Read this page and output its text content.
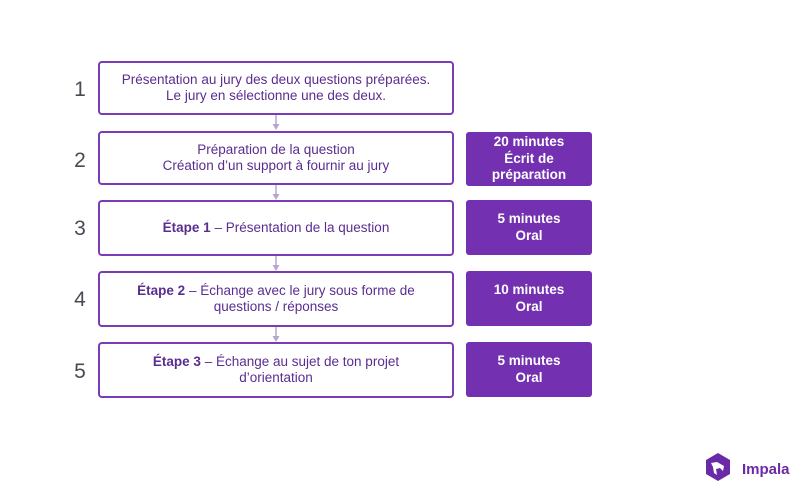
1	Présentation au jury des deux questions préparées.
Le jury en sélectionne une des deux.
2	Préparation de la question
Création d’un support à fournir au jury
20 minutes
Écrit de
préparation
3	Étape 1 – Présentation de la question
5 minutes
Oral
4	Étape 2 – Échange avec le jury sous forme de
questions / réponses
10 minutes
Oral
5	Étape 3 – Échange au sujet de ton projet
d’orientation
5 minutes
Oral
Impala
